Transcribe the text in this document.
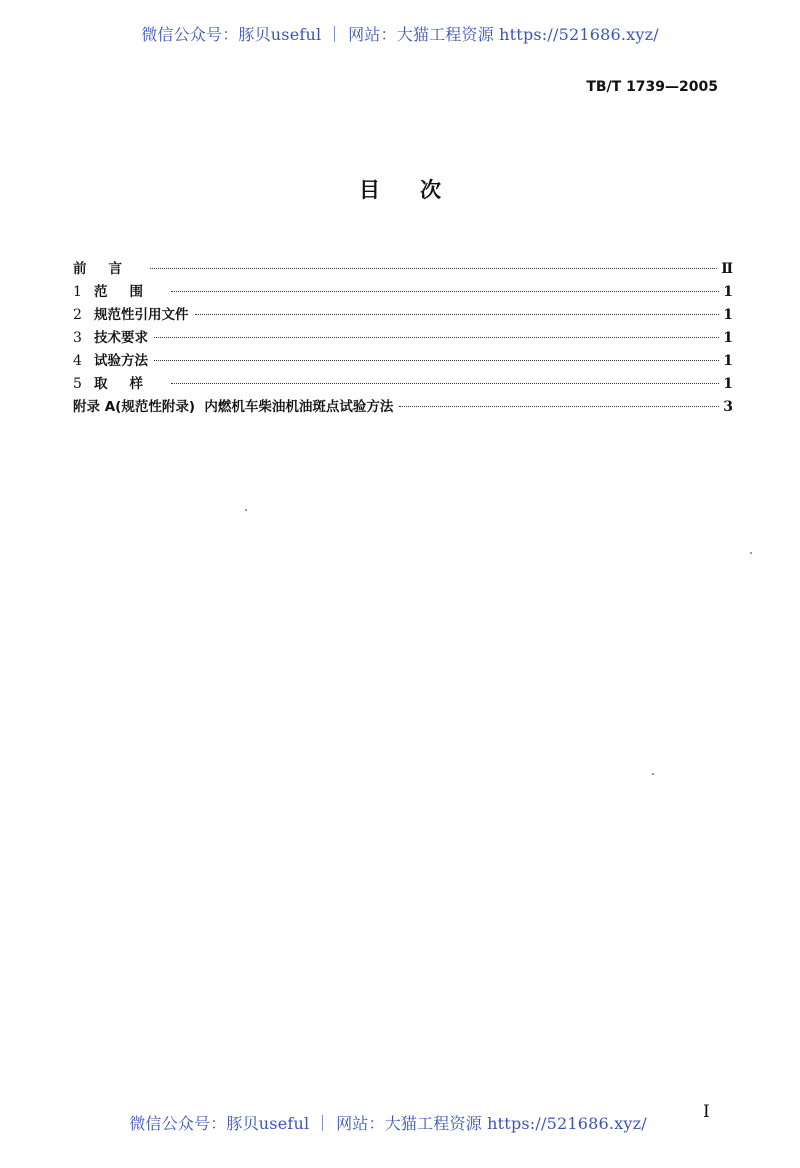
微信公众号：豚贝useful ｜ 网站：大猫工程资源 https://521686.xyz/
TB/T 1739—2005
目次
前言	Ⅱ
1 范围	1
2 规范性引用文件	1
3 技术要求	1
4 试验方法	1
5 取样	1
附录 A(规范性附录)  内燃机车柴油机油斑点试验方法	3
微信公众号：豚贝useful ｜ 网站：大猫工程资源 https://521686.xyz/
I
